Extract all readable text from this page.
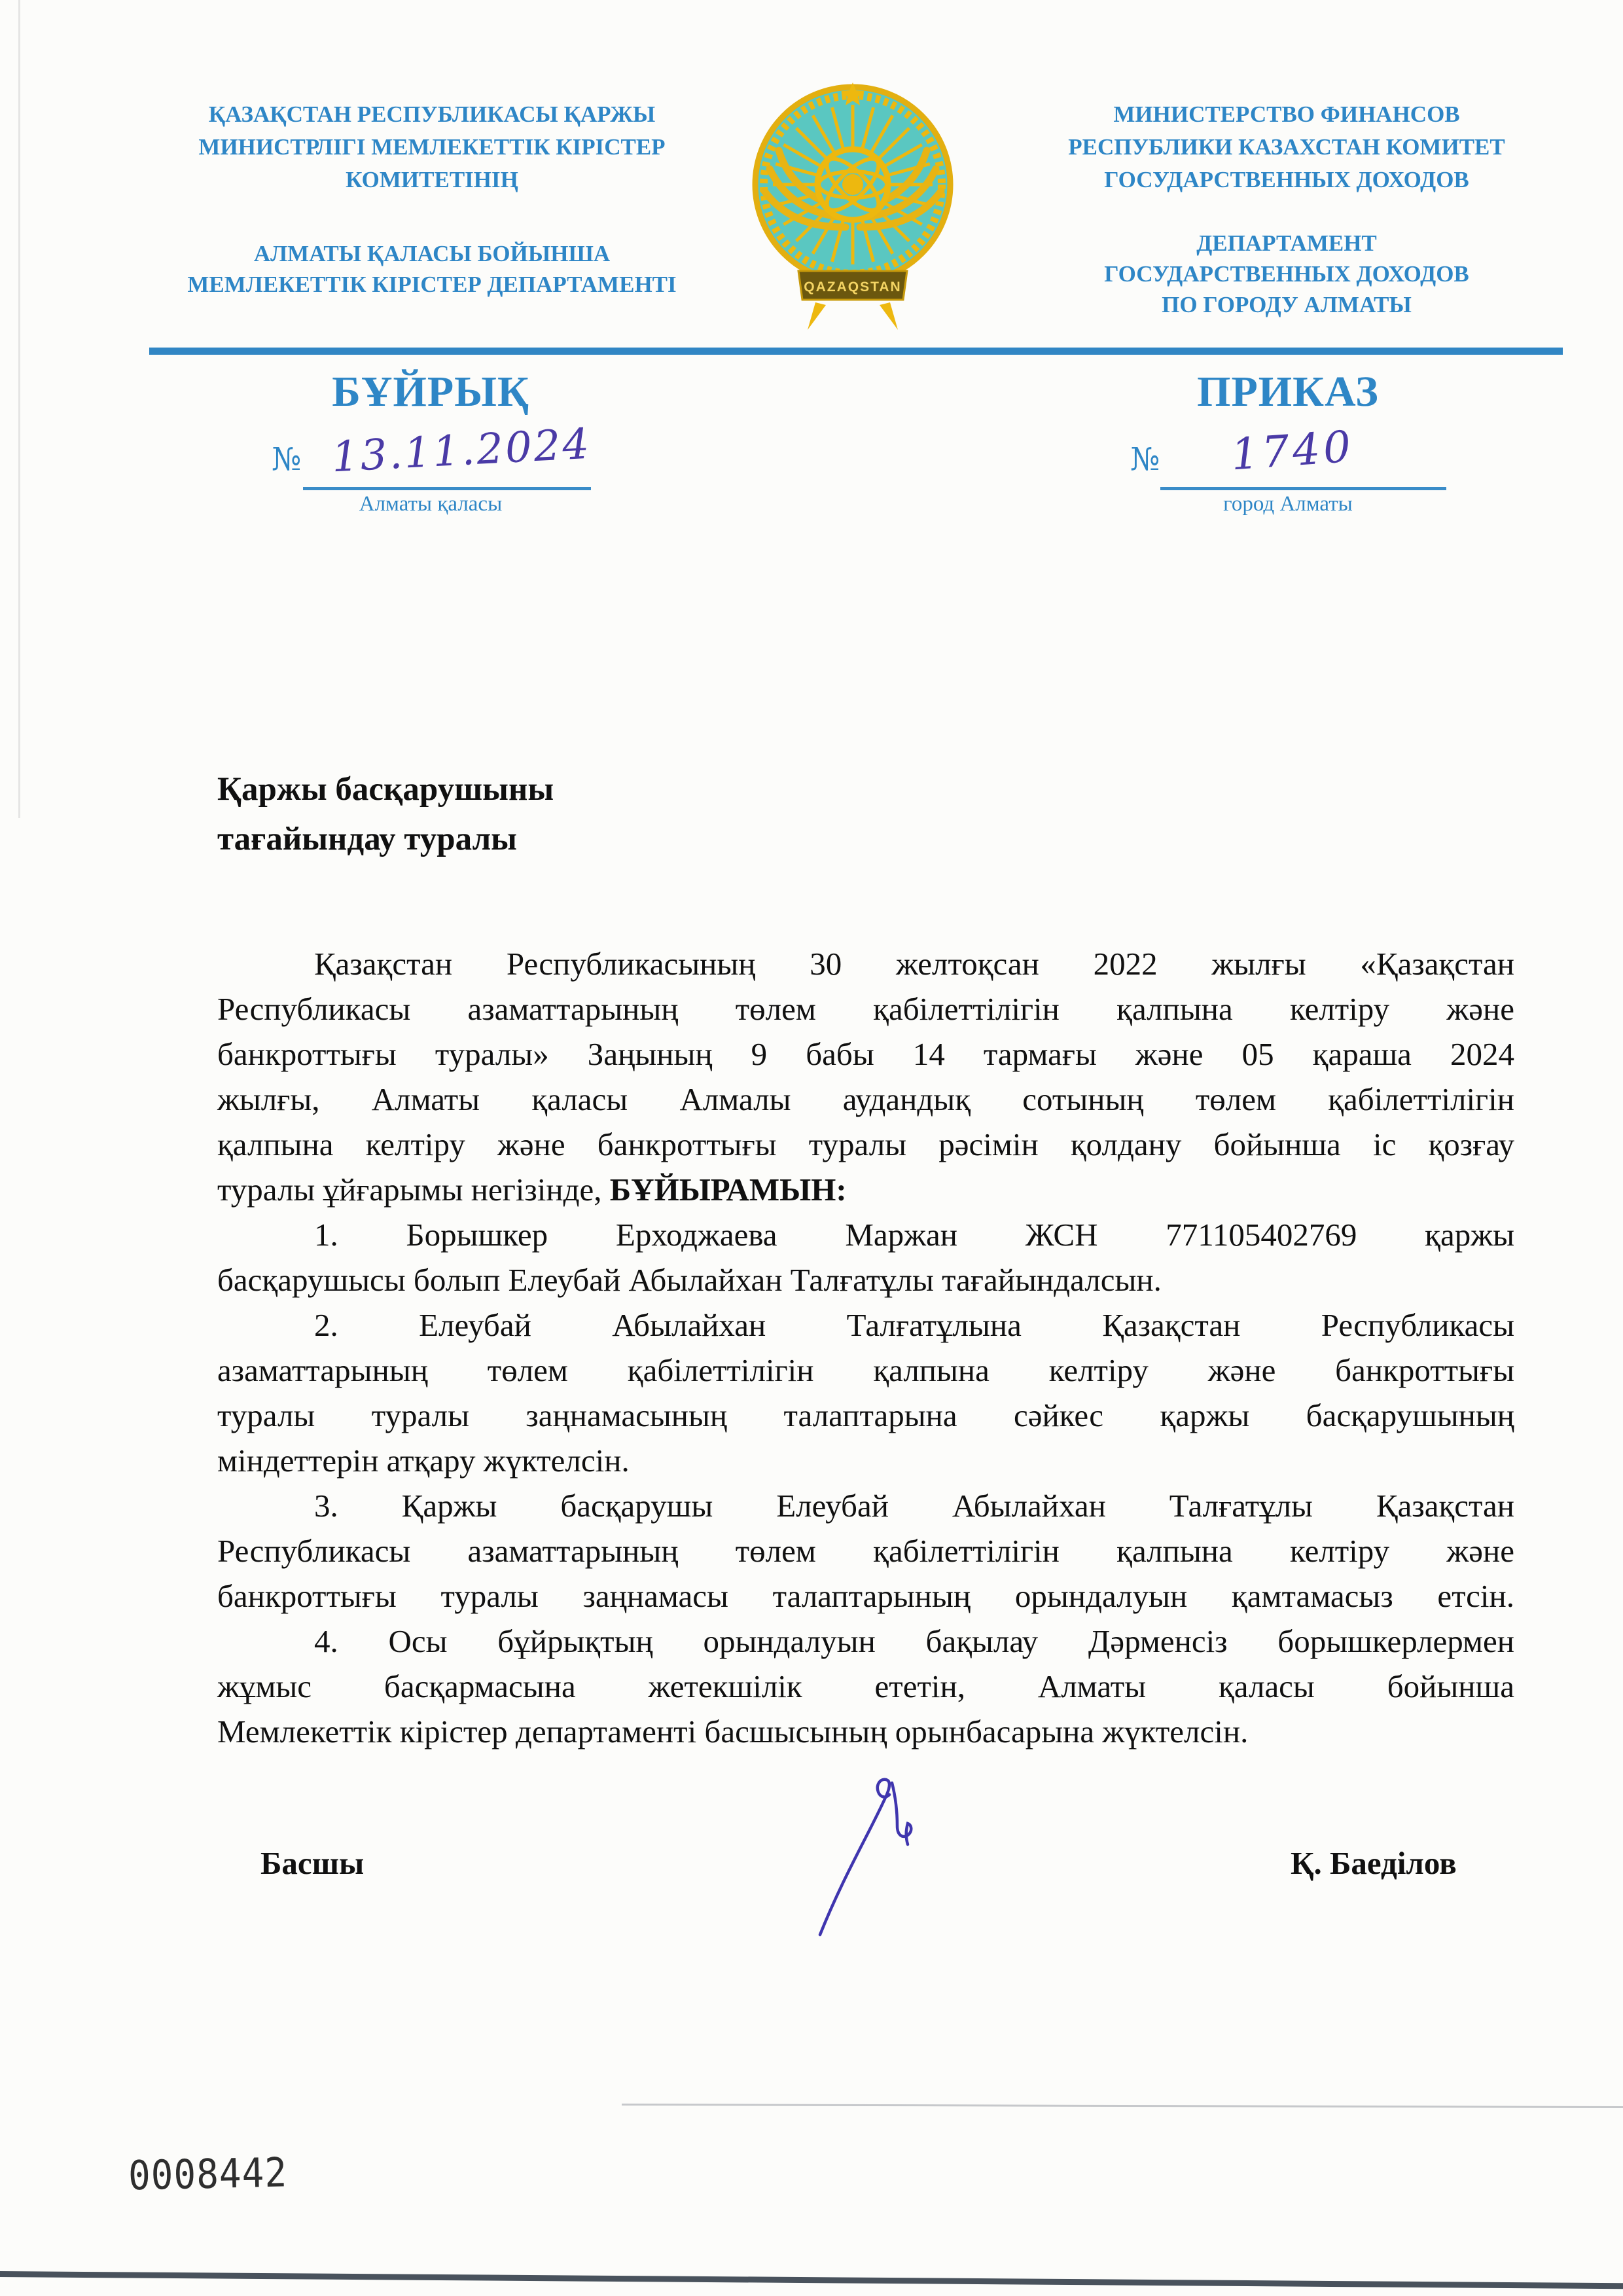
ҚАЗАҚСТАН РЕСПУБЛИКАСЫ ҚАРЖЫ
МИНИСТРЛІГІ МЕМЛЕКЕТТІК КІРІСТЕР
КОМИТЕТІНІҢ
АЛМАТЫ ҚАЛАСЫ БОЙЫНША
МЕМЛЕКЕТТІК КІРІСТЕР ДЕПАРТАМЕНТІ	QAZAQSTAN
МИНИСТЕРСТВО ФИНАНСОВ
РЕСПУБЛИКИ КАЗАХСТАН КОМИТЕТ
ГОСУДАРСТВЕННЫХ ДОХОДОВ
ДЕПАРТАМЕНТ
ГОСУДАРСТВЕННЫХ ДОХОДОВ
ПО ГОРОДУ АЛМАТЫ
БҰЙРЫҚ	ПРИКАЗ
№ 13.11.2024
Алматы қаласы
№	1740
город Алматы
Қаржы басқарушыны
тағайындау туралы
Қазақстан Республикасының 30 желтоқсан 2022 жылғы «Қазақстан
Республикасы азаматтарының төлем қабілеттілігін қалпына келтіру және
банкроттығы туралы» Заңының 9 бабы 14 тармағы және 05 қараша 2024
жылғы, Алматы қаласы Алмалы аудандық сотының төлем қабілеттілігін
қалпына келтіру және банкроттығы туралы рәсімін қолдану бойынша іс қозғау
туралы ұйғарымы негізінде, БҰЙЫРАМЫН:
1. Борышкер Ерходжаева Маржан ЖСН 771105402769 қаржы
басқарушысы болып Елеубай Абылайхан Талғатұлы тағайындалсын.
2. Елеубай Абылайхан Талғатұлына Қазақстан Республикасы
азаматтарының төлем қабілеттілігін қалпына келтіру және банкроттығы
туралы туралы заңнамасының талаптарына сәйкес қаржы басқарушының
міндеттерін атқару жүктелсін.
3. Қаржы басқарушы Елеубай Абылайхан Талғатұлы Қазақстан
Республикасы азаматтарының төлем қабілеттілігін қалпына келтіру және
банкроттығы туралы заңнамасы талаптарының орындалуын қамтамасыз етсін.
4. Осы бұйрықтың орындалуын бақылау Дәрменсіз борышкерлермен
жұмыс басқармасына жетекшілік ететін, Алматы қаласы бойынша
Мемлекеттік кірістер департаменті басшысының орынбасарына жүктелсін.
Басшы	Қ. Баеділов
0008442
